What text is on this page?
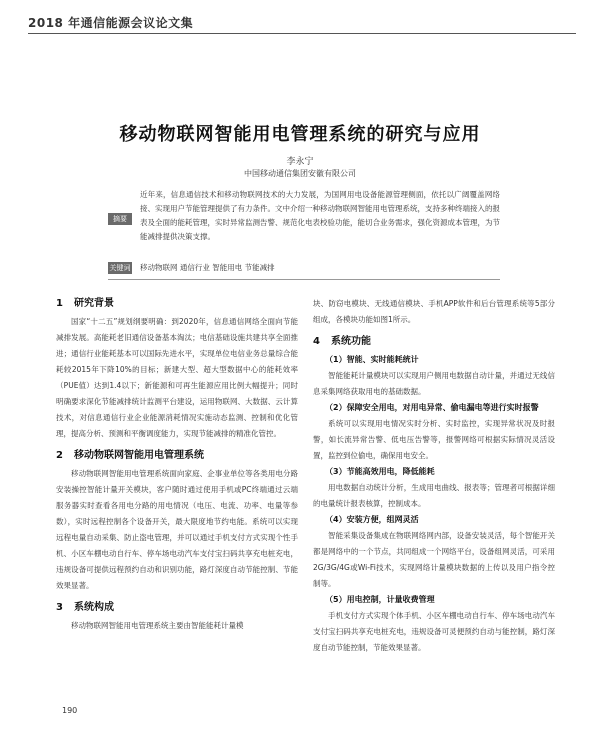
2018 年通信能源会议论文集
移动物联网智能用电管理系统的研究与应用
李永宁
中国移动通信集团安徽有限公司
摘要
近年来，信息通信技术和移动物联网技术的大力发展，为国网用电设备能源管理侧面，依托以广阔覆盖网络接、实现用户节能管理提供了有力条件。文中介绍一种移动物联网智能用电管理系统，支持多种终端接入的报表及全面的能耗管理，实时异常监测告警、规范化电表校验功能，能切合业务需求，强化资源成本管理，为节能减排提供决策支撑。
关键词 移动物联网 通信行业 智能用电 节能减排
1 研究背景

国家“十二五”规划纲要明确：到2020年，信息通信网络全面向节能减排发展。高能耗老旧通信设备基本淘汰；电信基础设施共建共享全面推进；通信行业能耗基本可以国际先进水平，实现单位电信业务总量综合能耗较2015年下降10%的目标；新建大型、超大型数据中心的能耗效率（PUE值）达到1.4以下；新能源和可再生能源应用比例大幅提升；同时明确要求深化节能减排统计监测平台建设，运用物联网、大数据、云计算技术，对信息通信行业企业能源消耗情况实施动态监测、控制和优化管理，提高分析、预测和平衡调度能力，实现节能减排的精准化管控。

2 移动物联网智能用电管理系统

移动物联网智能用电管理系统面向家庭、企事业单位等各类用电分路安装操控智能计量开关模块，客户随时通过使用手机或PC终端通过云端服务器实时查看各用电分路的用电情况（电压、电流、功率、电量等参数），实时远程控制各个设备开关，最大限度地节约电能。系统可以实现远程电量自动采集、防止盗电管理，并可以通过手机支付方式实现个性手机、小区车棚电动自行车、停车场电动汽车支付宝扫码共享充电桩充电，违规设备可提供远程预约自动和识别功能，路灯深度自动节能控制、节能效果显著。

3 系统构成

移动物联网智能用电管理系统主要由智能能耗计量模

块、防窃电模块、无线通信模块、手机APP软件和后台管理系统等5部分组成，各模块功能如图1所示。

4 系统功能
（1）智能、实时能耗统计

智能能耗计量模块可以实现用户侧用电数据自动计量，并通过无线信息采集网络获取用电的基础数据。

（2）保障安全用电，对用电异常、偷电漏电等进行实时报警

系统可以实现用电情况实时分析、实时监控，实现异常状况及时报警，如长流异常告警、低电压告警等，报警网络可根据实际情况灵活设置，监控到位偷电，确保用电安全。

（3）节能高效用电，降低能耗

用电数据自动统计分析，生成用电曲线、报表等；管理者可根据详细的电量统计报表核算，控制成本。

（4）安装方便，组网灵活

智能采集设备集成在物联网络网内部，设备安装灵活，每个智能开关都是网络中的一个节点，共同组成一个网络平台，设备组网灵活，可采用2G/3G/4G或Wi-Fi技术，实现网络计量模块数据的上传以及用户指令控制等。

（5）用电控制，计量收费管理

手机支付方式实现个体手机、小区车棚电动自行车、停车场电动汽车支付宝扫码共享充电桩充电，违规设备可灵便预约自动与能控制，路灯深度自动节能控制，节能效果显著。

190
